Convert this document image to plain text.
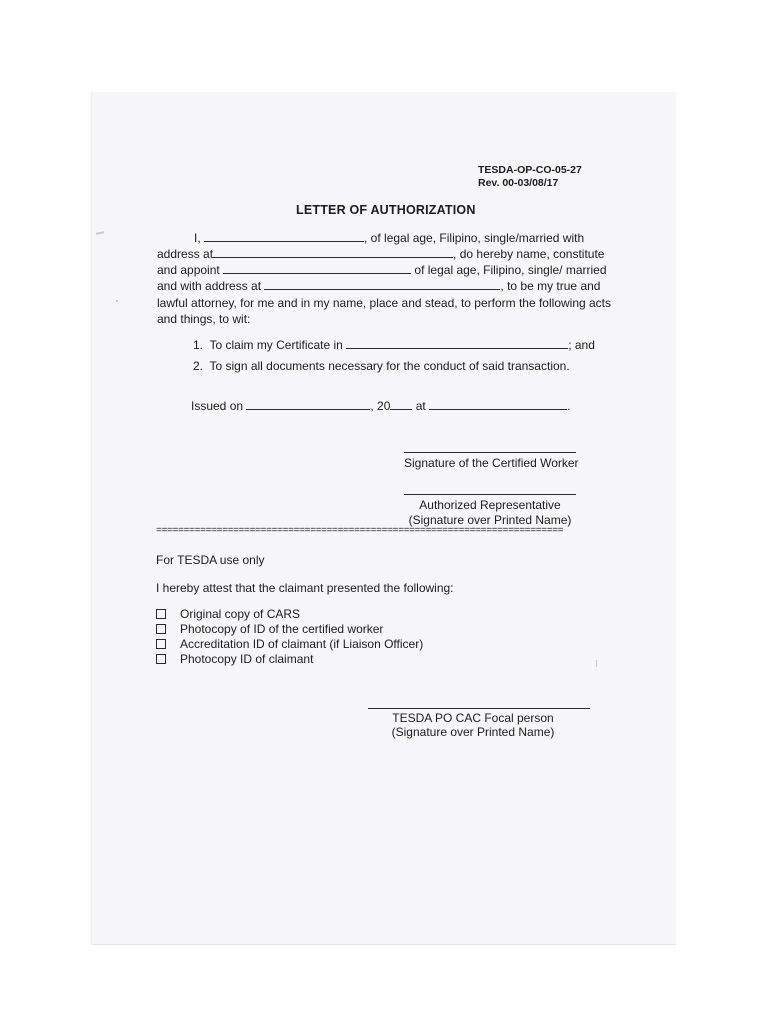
TESDA-OP-CO-05-27
Rev. 00-03/08/17
LETTER OF AUTHORIZATION
I,	, of legal age, Filipino, single/married with
address at	, do hereby name, constitute
and appoint	of legal age, Filipino, single/ married
and with address at	, to be my true and
lawful attorney, for me and in my name, place and stead, to perform the following acts
and things, to wit:
1. To claim my Certificate in	; and
2. To sign all documents necessary for the conduct of said transaction.
Issued on	, 20 at	.
Signature of the Certified Worker
Authorized Representative
(Signature over Printed Name)
==========================================================================
For TESDA use only
I hereby attest that the claimant presented the following:
Original copy of CARS
Photocopy of ID of the certified worker
Accreditation ID of claimant (if Liaison Officer)
Photocopy ID of claimant
TESDA PO CAC Focal person
(Signature over Printed Name)
